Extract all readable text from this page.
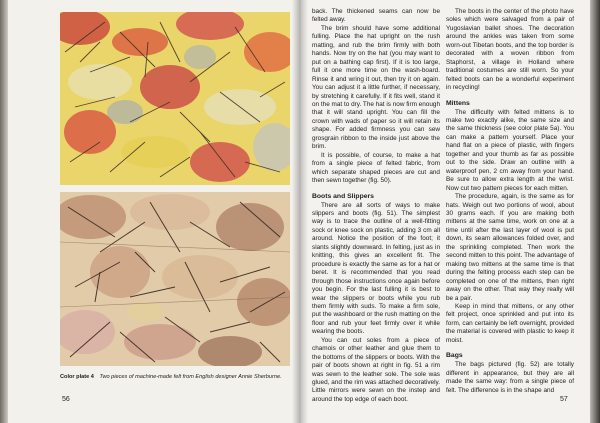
Color plate 4 Two pieces of machine-made felt from English designer Annie Sherburne.
56

back. The thickened seams can now be felted away.

The brim should have some additional fulling. Place the hat upright on the rush matting, and rub the brim firmly with both hands. Now try on the hat (you may want to put on a bathing cap first). If it is too large, full it one more time on the wash-board. Rinse it and wring it out, then try it on again. You can adjust it a little further, if necessary, by stretching it carefully. If it fits well, stand it on the mat to dry. The hat is now firm enough that it will stand upright. You can fill the crown with wads of paper so it will retain its shape. For added firmness you can sew grosgrain ribbon to the inside just above the brim.

It is possible, of course, to make a hat from a single piece of felted fabric, from which separate shaped pieces are cut and then sewn together (fig. 50).

Boots and Slippers

There are all sorts of ways to make slippers and boots (fig. 51). The simplest way is to trace the outline of a well-fitting sock or knee sock on plastic, adding 3 cm all around. Notice the position of the foot; it slants slightly downward. In felting, just as in knitting, this gives an excellent fit. The procedure is exactly the same as for a hat or beret. It is recommended that you read through those instructions once again before you begin. For the last fulling it is best to wear the slippers or boots while you rub them firmly with suds. To make a firm sole, put the washboard or the rush matting on the floor and rub your feet firmly over it while wearing the boots.

You can cut soles from a piece of chamois or other leather and glue them to the bottoms of the slippers or boots. With the pair of boots shown at right in fig. 51 a rim was sewn to the leather sole. The sole was glued, and the rim was attached decoratively. Little mirrors were sewn on the instep and around the top edge of each boot.

The boots in the center of the photo have soles which were salvaged from a pair of Yugoslavian ballet shoes. The decoration around the ankles was taken from some worn-out Tibetan boots, and the top border is decorated with a woven ribbon from Staphorst, a village in Holland where traditional costumes are still worn. So your felted boots can be a wonderful experiment in recycling!

Mittens

The difficulty with felted mittens is to make two exactly alike, the same size and the same thickness (see color plate 5a). You can make a pattern yourself. Place your hand flat on a piece of plastic, with fingers together and your thumb as far as possible out to the side. Draw an outline with a waterproof pen, 2 cm away from your hand. Be sure to allow extra length at the wrist. Now cut two pattern pieces for each mitten.

The procedure, again, is the same as for hats. Weigh out two portions of wool, about 30 grams each. If you are making both mittens at the same time, work on one at a time until after the last layer of wool is put down, its seam allowances folded over, and the sprinkling completed. Then work the second mitten to this point. The advantage of making two mittens at the same time is that during the felting process each step can be completed on one of the mittens, then right away on the other. That way they really will be a pair.

Keep in mind that mittens, or any other felt project, once sprinkled and put into its form, can certainly be left overnight, provided the material is covered with plastic to keep it moist.

Bags

The bags pictured (fig. 52) are totally different in appearance, but they are all made the same way: from a single piece of felt. The difference is in the shape and

57
